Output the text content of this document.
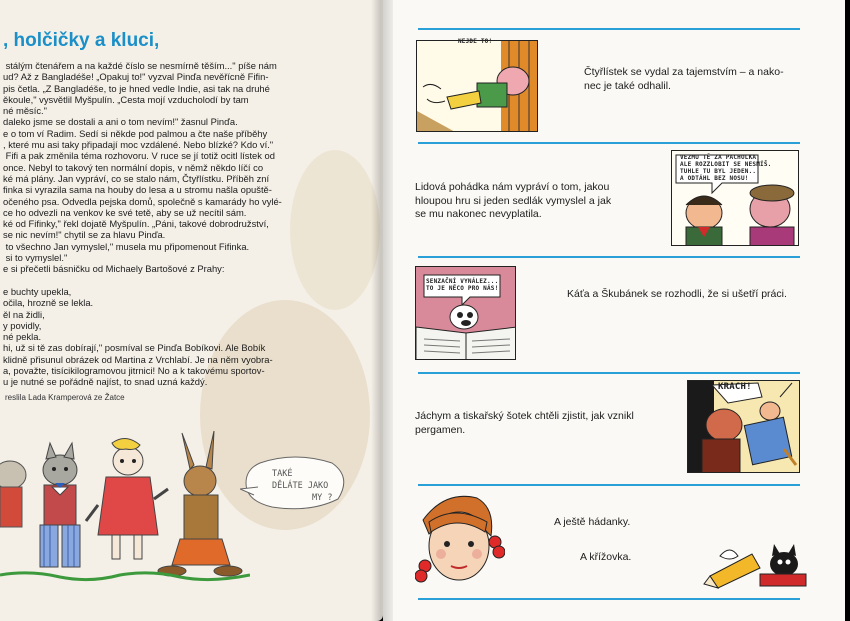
, holčičky a kluci,
stálým čtenářem a na každé číslo se nesmírně těším..." píše nám
ud? Až z Bangladéše! „Opakuj to!" vyzval Pinďa nevěřícně Fifin-
pis četla. „Z Bangladéše, to je hned vedle Indie, asi tak na druhé
ěkoule," vysvětlil Myšpulín. „Cesta mojí vzducholodí by tam
né měsíc."
daleko jsme se dostali a ani o tom nevím!" žasnul Pinďa.
e o tom ví Radim. Sedí si někde pod palmou a čte naše příběhy
, které mu asi taky připadají moc vzdálené. Nebo blízké? Kdo ví."
Fifi a pak změnila téma rozhovoru. V ruce se jí totiž ocitl lístek od
once. Nebyl to takový ten normální dopis, v němž někdo líčí co
ké má plány. Jan vypráví, co se stalo nám, Čtyřlístku. Příběh zní
finka si vyrazila sama na houby do lesa a u stromu našla opuště-
očeného psa. Odvedla pejska domů, společně s kamarády ho vylé-
ce ho odvezli na venkov ke své tetě, aby se už necítil sám.
ké od Fifinky," řekl dojatě Myšpulín. „Páni, takové dobrodružství,
se nic nevím!" chytil se za hlavu Pinďa.
to všechno Jan vymyslel," musela mu připomenout Fifinka.
si to vymyslel."
e si přečetli básničku od Michaely Bartošové z Prahy:

e buchty upekla,
očila, hrozně se lekla.
ěl na židli,
y povidly,
né pekla.
hi, už si tě zas dobírají," posmíval se Pinďa Bobíkovi. Ale Bobík
klidně přisunul obrázek od Martina z Vrchlabí. Je na něm vyobra-
a, považte, tisícikilogramovou jitrnici! No a k takovému sportov-
u je nutné se pořádně najíst, to snad uzná každý.
reslila Lada Kramperová ze Žatce
TAKÉ
DĚLÁTE JAKO
MY ?
NEJDE TO!
Čtyřlístek se vydal za tajemstvím – a nako-
nec je také odhalil.
Lidová pohádka nám vypráví o tom, jakou
hloupou hru si jeden sedlák vymyslel a jak
se mu nakonec nevyplatila.
VEZMU TĚ ZA PACHOLKA,
ALE ROZZLOBIT SE NESMÍŠ.
TUHLE TU BYL JEDEN...
A ODTÁHL BEZ NOSU!
SENZAČNÍ VYNÁLEZ...
TO JE NĚCO PRO NÁS!	Káťa a Škubánek se rozhodli, že si ušetří práci.
Jáchym a tiskařský šotek chtěli zjistit, jak vznikl
pergamen.
KRACH!
A ještě hádanky.
A křížovka.
